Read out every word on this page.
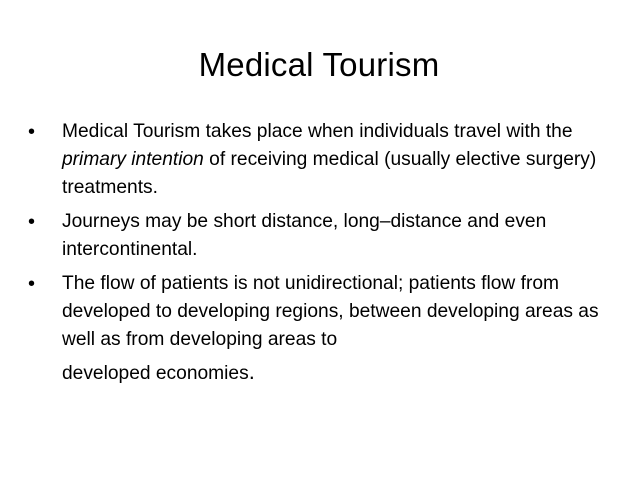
Medical Tourism
•	Medical Tourism takes place when individuals travel with the primary intention of receiving medical (usually elective surgery) treatments.
•	Journeys may be short distance, long–distance and even intercontinental.
•	The flow of patients is not unidirectional; patients flow from developed to developing regions, between developing areas as well as from developing areas to
developed economies.
